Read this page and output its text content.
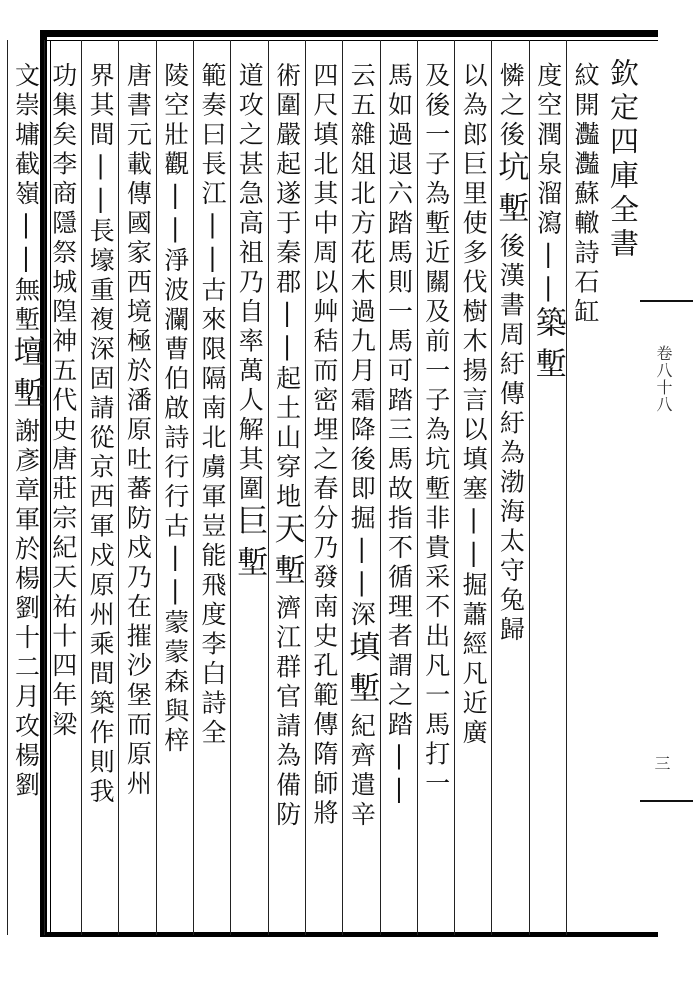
紋開灎灎蘇轍詩石缸
度空潤泉溜瀉||築塹
憐之後坑塹後漢書周紆傳紆為渤海太守兔歸
以為郎巨里使多伐樹木揚言以填塞||掘蕭經凡近廣
及後一子為塹近關及前一子為坑塹非貴采不出凡一馬打一
馬如過退六踏馬則一馬可踏三馬故指不循理者謂之踏||
云五雜俎北方花木過九月霜降後即掘||深填塹紀齊遣辛
四尺填北其中周以艸秸而密埋之春分乃發南史孔範傳隋師將
術圍嚴起遂于秦郡||起土山穿地天塹濟江群官請為備防
道攻之甚急高祖乃自率萬人解其圍巨塹
範奏曰長江||古來限隔南北虜軍豈能飛度李白詩全
陵空壯觀||淨波瀾曹伯啟詩行行古||蒙蒙森與梓
唐書元載傳國家西境極於潘原吐蕃防戍乃在摧沙堡而原州
界其間||長壕重複深固請從京西軍戍原州乘間築作則我
功集矣李商隱祭城隍神五代史唐莊宗紀天祐十四年梁
文崇墉截嶺||無塹壇塹謝彥章軍於楊劉十二月攻楊劉
欽定四庫全書
卷八十八
三
